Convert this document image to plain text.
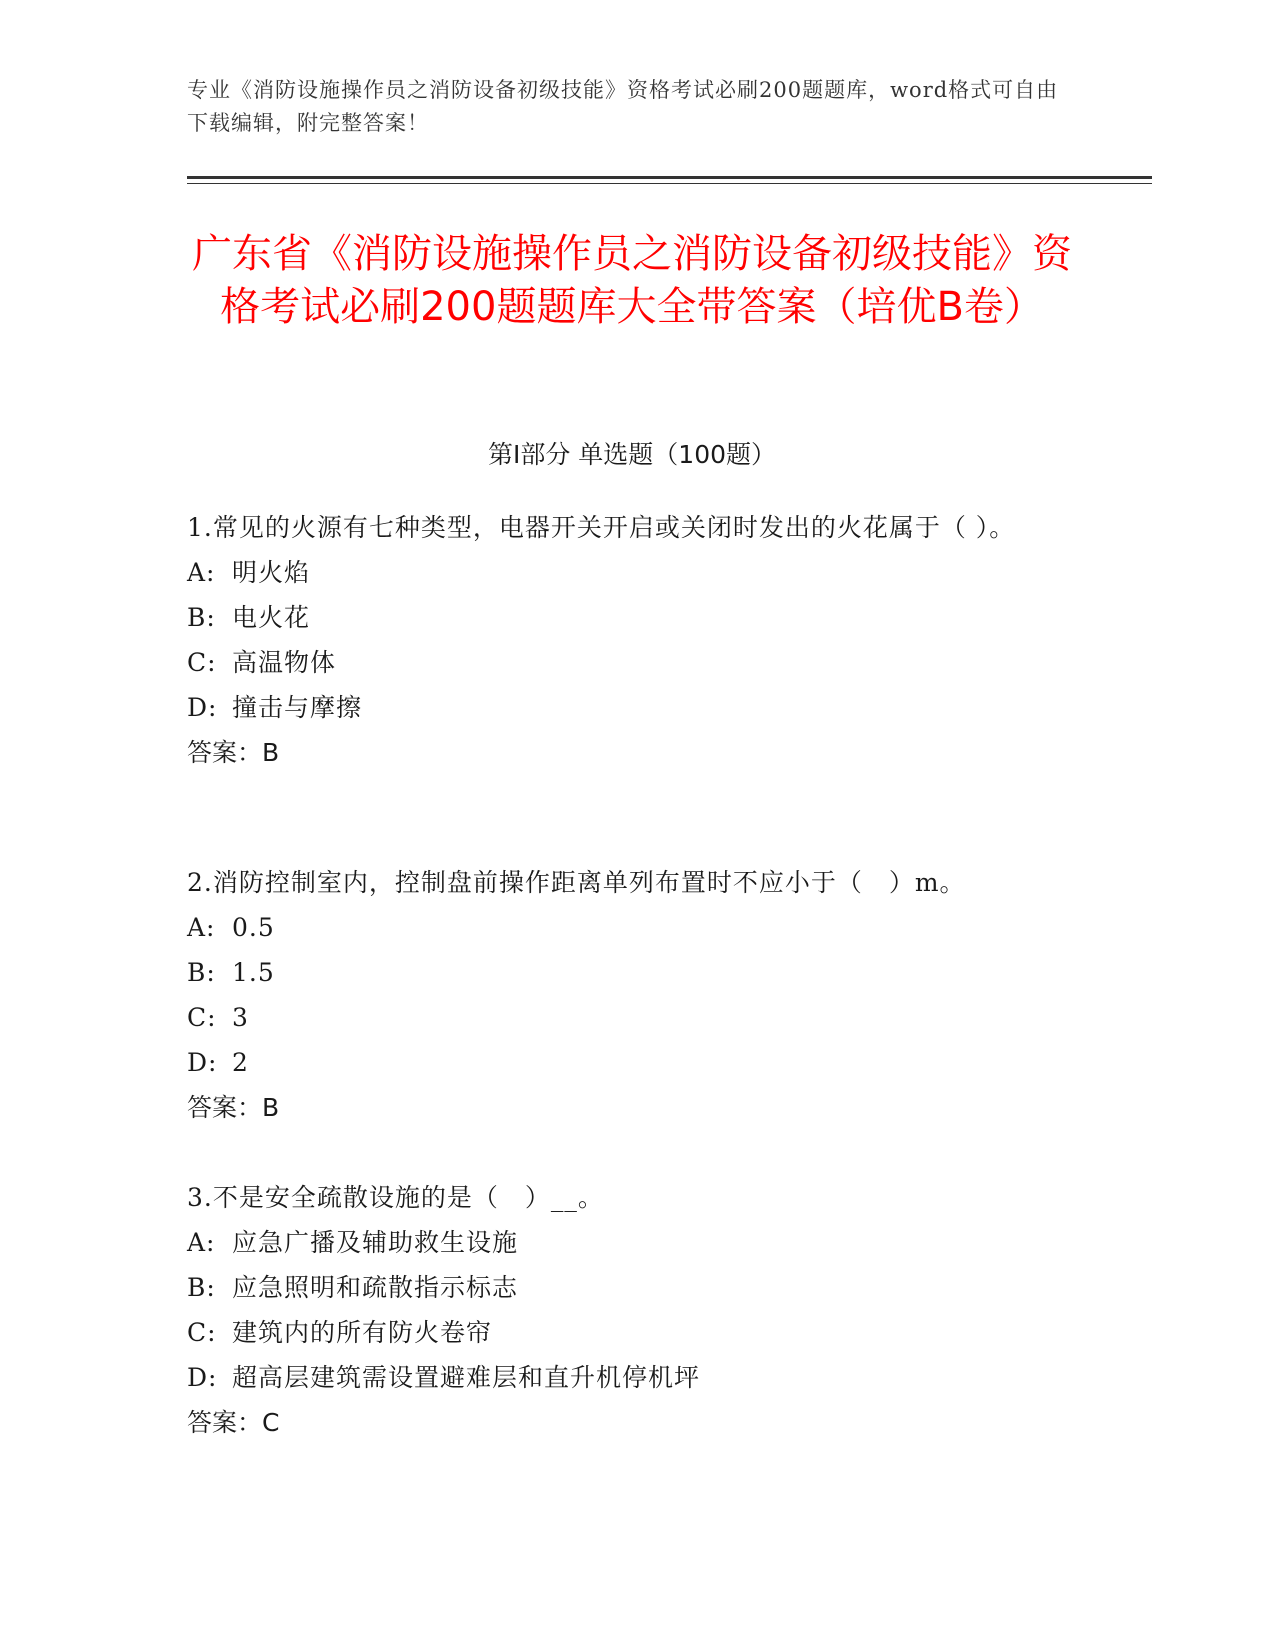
专业《消防设施操作员之消防设备初级技能》资格考试必刷200题题库，word格式可自由下载编辑，附完整答案！
广东省《消防设施操作员之消防设备初级技能》资格考试必刷200题题库大全带答案（培优B卷）
第Ⅰ部分 单选题（100题）
1.常见的火源有七种类型，电器开关开启或关闭时发出的火花属于（ ）。
A: 明火焰
B: 电火花
C: 高温物体
D: 撞击与摩擦
答案：B
2.消防控制室内，控制盘前操作距离单列布置时不应小于（　）m。
A: 0.5
B: 1.5
C: 3
D: 2
答案：B
3.不是安全疏散设施的是（　）__。
A: 应急广播及辅助救生设施
B: 应急照明和疏散指示标志
C: 建筑内的所有防火卷帘
D: 超高层建筑需设置避难层和直升机停机坪
答案：C
